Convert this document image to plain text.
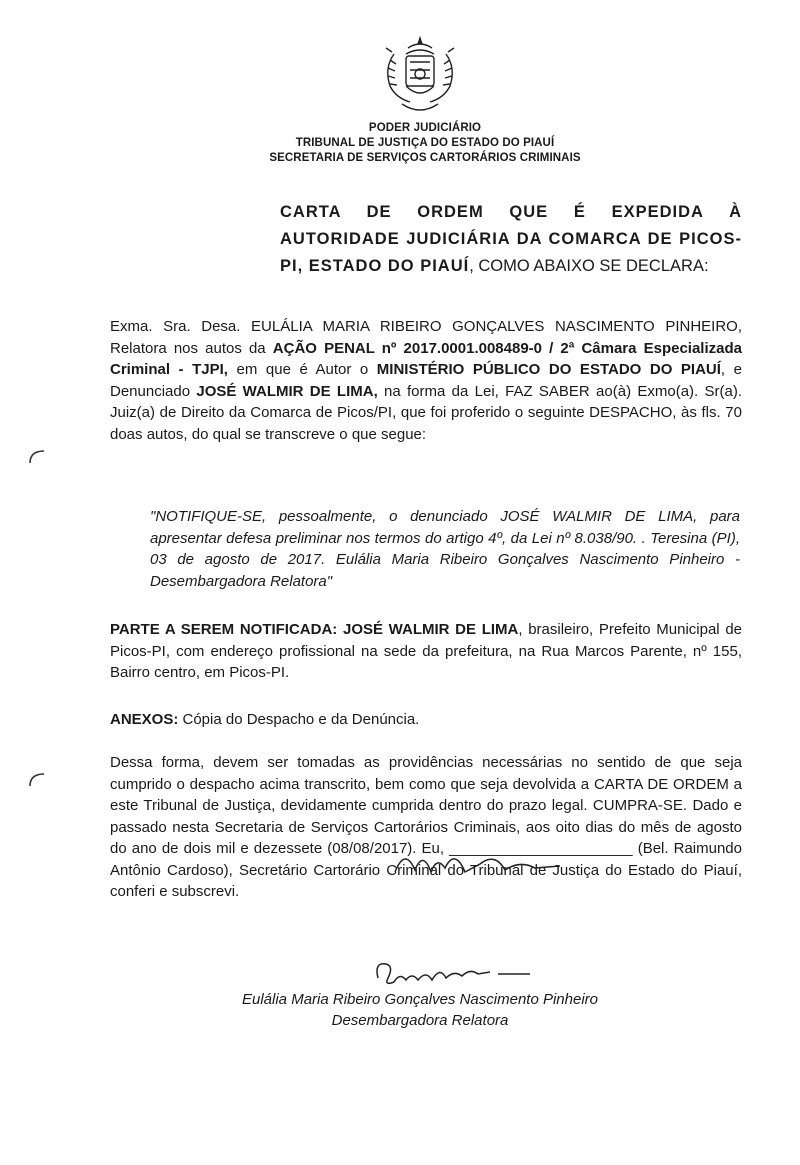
PODER JUDICIÁRIO
TRIBUNAL DE JUSTIÇA DO ESTADO DO PIAUÍ
SECRETARIA DE SERVIÇOS CARTORÁRIOS CRIMINAIS
CARTA DE ORDEM QUE É EXPEDIDA À AUTORIDADE JUDICIÁRIA DA COMARCA DE PICOS-PI, ESTADO DO PIAUÍ, COMO ABAIXO SE DECLARA:
Exma. Sra. Desa. EULÁLIA MARIA RIBEIRO GONÇALVES NASCIMENTO PINHEIRO, Relatora nos autos da AÇÃO PENAL nº 2017.0001.008489-0 / 2ª Câmara Especializada Criminal - TJPI, em que é Autor o MINISTÉRIO PÚBLICO DO ESTADO DO PIAUÍ, e Denunciado JOSÉ WALMIR DE LIMA, na forma da Lei, FAZ SABER ao(à) Exmo(a). Sr(a). Juiz(a) de Direito da Comarca de Picos/PI, que foi proferido o seguinte DESPACHO, às fls. 70 doas autos, do qual se transcreve o que segue:
"NOTIFIQUE-SE, pessoalmente, o denunciado JOSÉ WALMIR DE LIMA, para apresentar defesa preliminar nos termos do artigo 4º, da Lei nº 8.038/90. . Teresina (PI), 03 de agosto de 2017. Eulália Maria Ribeiro Gonçalves Nascimento Pinheiro - Desembargadora Relatora"
PARTE A SEREM NOTIFICADA: JOSÉ WALMIR DE LIMA, brasileiro, Prefeito Municipal de Picos-PI, com endereço profissional na sede da prefeitura, na Rua Marcos Parente, nº 155, Bairro centro, em Picos-PI.
ANEXOS: Cópia do Despacho e da Denúncia.
Dessa forma, devem ser tomadas as providências necessárias no sentido de que seja cumprido o despacho acima transcrito, bem como que seja devolvida a CARTA DE ORDEM a este Tribunal de Justiça, devidamente cumprida dentro do prazo legal. CUMPRA-SE. Dado e passado nesta Secretaria de Serviços Cartorários Criminais, aos oito dias do mês de agosto do ano de dois mil e dezessete (08/08/2017). Eu, ______________________ (Bel. Raimundo Antônio Cardoso), Secretário Cartorário Criminal do Tribunal de Justiça do Estado do Piauí, conferi e subscrevi.
Eulália Maria Ribeiro Gonçalves Nascimento Pinheiro
Desembargadora Relatora
